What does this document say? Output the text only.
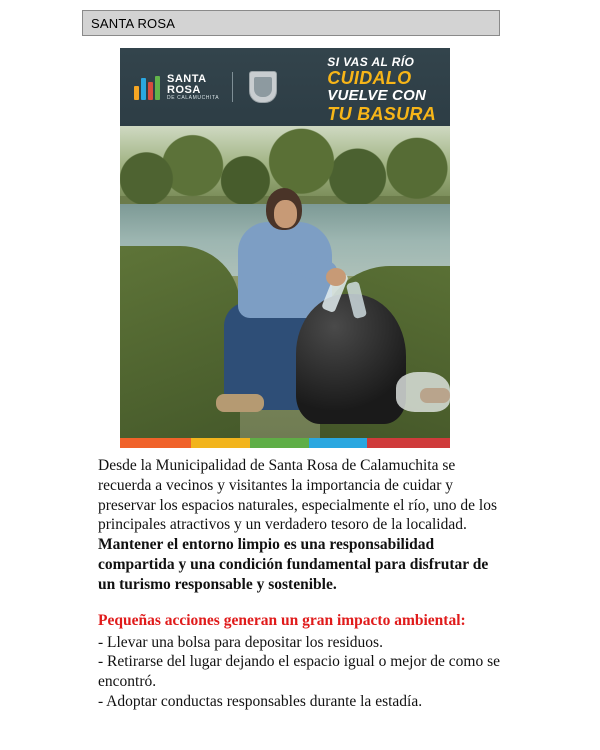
SANTA ROSA
SANTA
ROSA
DE CALAMUCHITA
SI VAS AL RÍO
CUIDALO
VUELVE CON
TU BASURA

Desde la Municipalidad de Santa Rosa de Calamuchita se recuerda a vecinos y visitantes la importancia de cuidar y preservar los espacios naturales, especialmente el río, uno de los principales atractivos y un verdadero tesoro de la localidad.

Mantener el entorno limpio es una responsabilidad compartida y una condición fundamental para disfrutar de un turismo responsable y sostenible.

Pequeñas acciones generan un gran impacto ambiental:

- Llevar una bolsa para depositar los residuos.
- Retirarse del lugar dejando el espacio igual o mejor de como se encontró.
- Adoptar conductas responsables durante la estadía.
